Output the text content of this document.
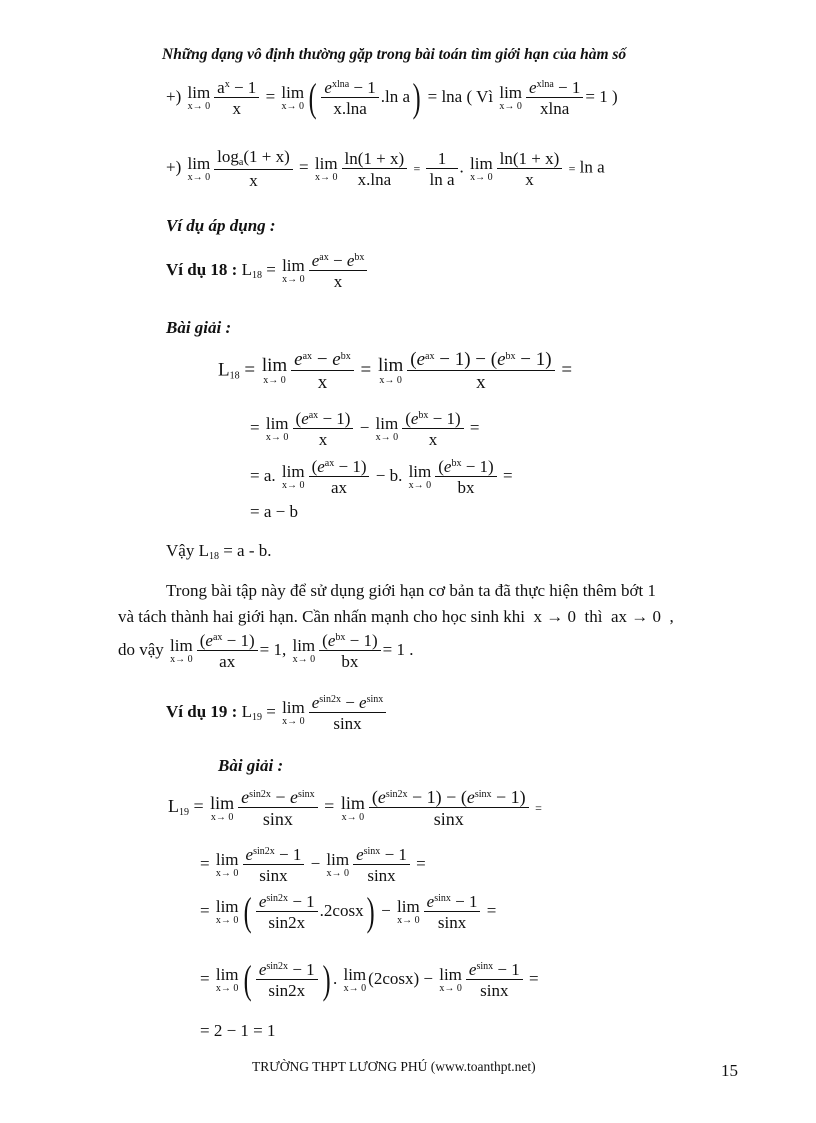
Những dạng vô định thường gặp trong bài toán tìm giới hạn của hàm số
+) lim
$x\to 0 \frac{a^x - 1}{x} = \lim$
x→ 0 ( $\frac{e^{xlna} - 1}{x.\ln a} .\ln$ a) = lna ( Vì lim
$x\to 0 \frac{e^{xlna} - 1}{xlna} = 1$ )
+) lim
$x\to 0 \frac{\log_a(1 + x)}{x} = \lim$
$x\to 0 \frac{\ln(1 + x)}{x.\ln a} = \frac{1}{\text{ln a}}$ . lim
$x\to 0 \frac{\ln(1 + x)}{x} = \ln a$
Ví dụ áp dụng :
Ví dụ 18 : $L_{18} = \lim$
$x\to 0 \frac{e^{ax} - e^{bx}}{x}$
Bài giải :
$L_{18} = \lim$
$x\to 0 \frac{e^{ax} - e^{bx}}{x} = \lim$
$x\to 0 \frac{(e^{ax} - 1) - (e^{bx} - 1)}{x}$ =
= lim
$x\to 0 \frac{(e^{ax} - 1)}{x} - \lim$
$x\to 0 \frac{(e^{bx} - 1)}{x}$ =
= a. lim
$x\to 0 \frac{(e^{ax} - 1)}{ax} - b$. lim
$x\to 0 \frac{(e^{bx} - 1)}{bx}$ =
= a − b
Vậy $L_{18} = a - b$.
Trong bài tập này để sử dụng giới hạn cơ bản ta đã thực hiện thêm bớt 1
và tách thành hai giới hạn. Cần nhấn mạnh cho học sinh khi x → 0 thì ax → 0 ,
do vậy lim
$x\to 0 \frac{(e^{ax} - 1)}{ax} = 1$, lim
$x\to 0 \frac{(e^{bx} - 1)}{bx} = 1$ .
Ví dụ 19 : $L_{19} = \lim$
$x\to 0 \frac{e^{sin2x} - e^{sinx}}{\sin x}$
Bài giải :
$L_{19} = \lim$
$x\to 0 \frac{e^{sin2x} - e^{sinx}}{\sin x} = \lim$
$x\to 0 \frac{(e^{sin2x} - 1) - (e^{sinx} - 1)}{\sin x}$ =
= lim
$x\to 0 \frac{e^{sin2x} - 1}{\sin x} - \lim$
$x\to 0 \frac{e^{sinx} - 1}{\sin x}$ =
= lim
x→ 0 ( $\frac{e^{sin2x} - 1}{\sin 2x} .2\cos x) - \lim$
$x\to 0 \frac{e^{sinx} - 1}{\sin x}$ =
= lim
x→ 0 ( $\frac{e^{sin2x} - 1}{\sin 2x}$ ) . lim
x→ 0
(2cosx) − lim
$x\to 0 \frac{e^{sinx} - 1}{\sin x}$ =
= 2 − 1 = 1
TRƯỜNG THPT LƯƠNG PHÚ (www.toanthpt.net)	15
